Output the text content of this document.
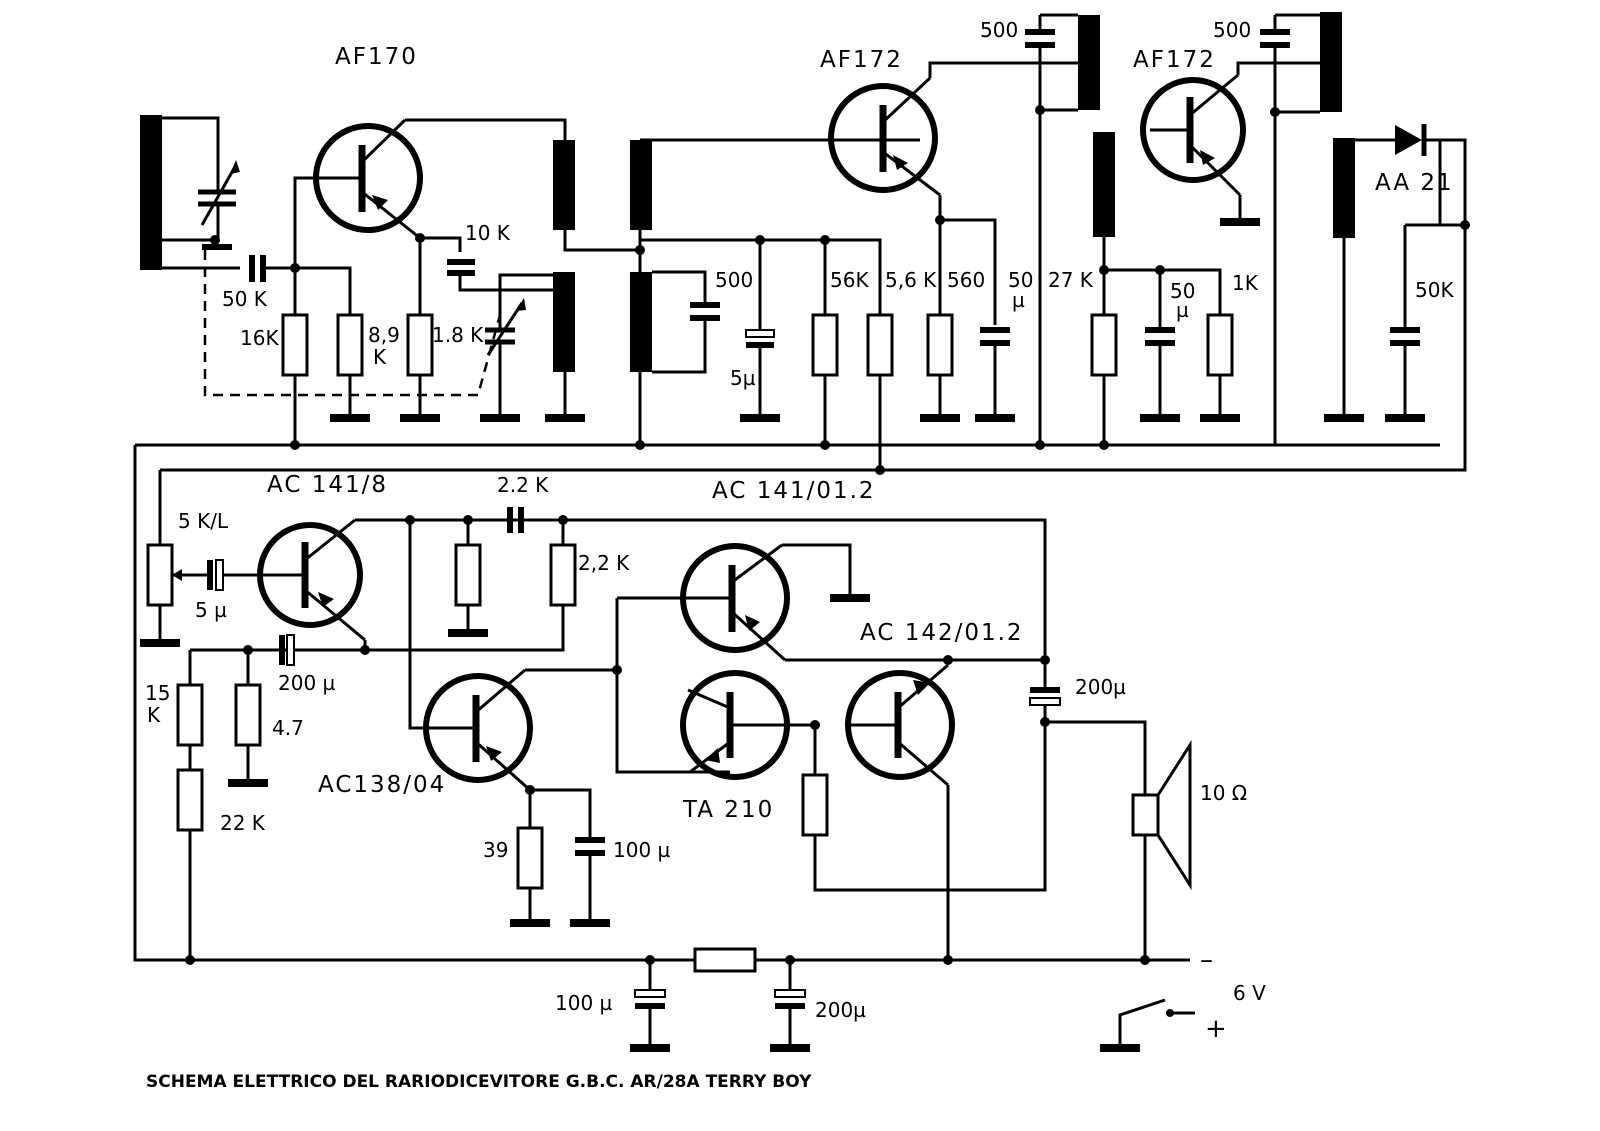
50 K
AF170
10 K
16K	8,9
K
1.8 K
500
5µ
56K 5,6 K
AF172
560 50
µ
500
AF172
500
27 K	50
µ
1K
AA 21
50K
5 K/L
5 µ
AC 141/8	2.2 K
2,2 K
200 µ
4.7
15
K
22 K
AC138/04
39	100 µ
AC 141/01.2
TA 210
AC 142/01.2
200µ
10 Ω
100 µ	200µ
–
6 V
+
SCHEMA ELETTRICO DEL RARIODICEVITORE G.B.C. AR/28A TERRY BOY
